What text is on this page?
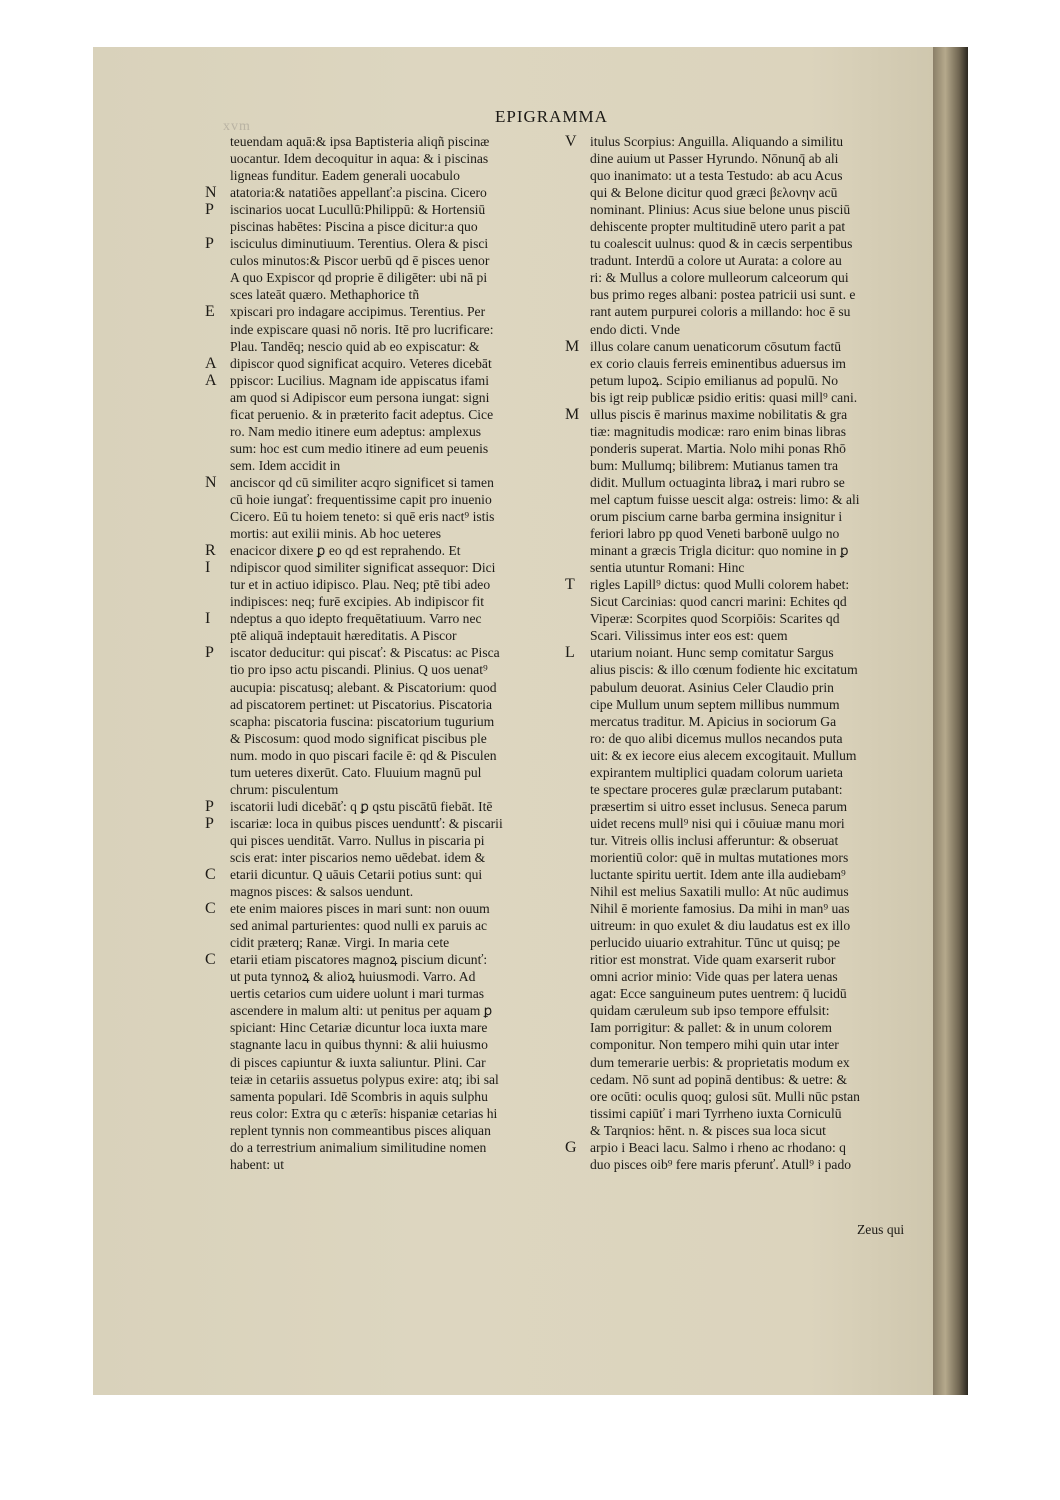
xvm
EPIGRAMMA
teuendam aquā:& ipsa Baptisteria aliqñ piscinæ
uocantur. Idem decoquitur in aqua: & i piscinas
ligneas funditur. Eadem generali uocabulo
N atatoria:& natatiões appellanť:a piscina. Cicero
P iscinarios uocat Lucullū:Philippū: & Hortensiū
piscinas habētes: Piscina a pisce dicitur:a quo
P isciculus diminutiuum. Terentius. Olera & pisci
culos minutos:& Piscor uerbū qd ē pisces uenor
A quo Expiscor qd proprie ē diligēter: ubi nā pi
sces lateāt quæro. Methaphorice tñ
E xpiscari pro indagare accipimus. Terentius. Per
inde expiscare quasi nō noris. Itē pro lucrificare:
Plau. Tandēq; nescio quid ab eo expiscatur: &
A dipiscor quod significat acquiro. Veteres dicebāt
A ppiscor: Lucilius. Magnam ide appiscatus ifami
am quod si Adipiscor eum persona iungat: signi
ficat peruenio. & in præterito facit adeptus. Cice
ro. Nam medio itinere eum adeptus: amplexus
sum: hoc est cum medio itinere ad eum peuenis
sem. Idem accidit in
N anciscor qd cū similiter acqro significet si tamen
cū hoie iungať: frequentissime capit pro inuenio
Cicero. Eū tu hoiem teneto: si quē eris nact⁹ istis
mortis: aut exilii minis. Ab hoc ueteres
R enacicor dixere ꝑ eo qd est reprahendo. Et
I ndipiscor quod similiter significat assequor: Dici
tur et in actiuo idipisco. Plau. Neq; ptē tibi adeo
indipisces: neq; furē excipies. Ab indipiscor fit
I ndeptus a quo idepto frequētatiuum. Varro nec
ptē aliquā indeptauit hæreditatis. A Piscor
P iscator deducitur: qui piscať: & Piscatus: ac Pisca
tio pro ipso actu piscandi. Plinius. Q uos uenat⁹
aucupia: piscatusq; alebant. & Piscatorium: quod
ad piscatorem pertinet: ut Piscatorius. Piscatoria
scapha: piscatoria fuscina: piscatorium tugurium
& Piscosum: quod modo significat piscibus ple
num. modo in quo piscari facile ē: qd & Pisculen
tum ueteres dixerūt. Cato. Fluuium magnū pul
chrum: pisculentum
P iscatorii ludi dicebāť: q ꝑ qstu piscātū fiebāt. Itē
P iscariæ: loca in quibus pisces uenduntť: & piscarii
qui pisces uenditāt. Varro. Nullus in piscaria pi
scis erat: inter piscarios nemo uēdebat. idem &
C etarii dicuntur. Q uāuis Cetarii potius sunt: qui
magnos pisces: & salsos uendunt.
C ete enim maiores pisces in mari sunt: non ouum
sed animal parturientes: quod nulli ex paruis ac
cidit præterq; Ranæ. Virgi. In maria cete
C etarii etiam piscatores magnoꝝ piscium dicunť:
ut puta tynnoꝝ & alioꝝ huiusmodi. Varro. Ad
uertis cetarios cum uidere uolunt i mari turmas
ascendere in malum alti: ut penitus per aquam ꝑ
spiciant: Hinc Cetariæ dicuntur loca iuxta mare
stagnante lacu in quibus thynni: & alii huiusmo
di pisces capiuntur & iuxta saliuntur. Plini. Car
teiæ in cetariis assuetus polypus exire: atq; ibi sal
samenta populari. Idē Scombris in aquis sulphu
reus color: Extra qu c æterīs: hispaniæ cetarias hi
replent tynnis non commeantibus pisces aliquan
do a terrestrium animalium similitudine nomen
habent: ut
V itulus Scorpius: Anguilla. Aliquando a similitu
dine auium ut Passer Hyrundo. Nōnunq̄ ab ali
quo inanimato: ut a testa Testudo: ab acu Acus
qui & Belone dicitur quod græci βελονην acū
nominant. Plinius: Acus siue belone unus pisciū
dehiscente propter multitudinē utero parit a pat
tu coalescit uulnus: quod & in cæcis serpentibus
tradunt. Interdū a colore ut Aurata: a colore au
ri: & Mullus a colore mulleorum calceorum qui
bus primo reges albani: postea patricii usi sunt. e
rant autem purpurei coloris a millando: hoc ē su
endo dicti. Vnde
M illus colare canum uenaticorum cōsutum factū
ex corio clauis ferreis eminentibus aduersus im
petum lupoꝝ. Scipio emilianus ad populū. No
bis igt reip publicæ psidio eritis: quasi mill⁹ cani.
M ullus piscis ē marinus maxime nobilitatis & gra
tiæ: magnitudis modicæ: raro enim binas libras
ponderis superat. Martia. Nolo mihi ponas Rhō
bum: Mullumq; bilibrem: Mutianus tamen tra
didit. Mullum octuaginta libraꝝ i mari rubro se
mel captum fuisse uescit alga: ostreis: limo: & ali
orum piscium carne barba germina insignitur i
feriori labro pp quod Veneti barbonē uulgo no
minant a græcis Trigla dicitur: quo nomine in ꝑ
sentia utuntur Romani: Hinc
T rigles Lapill⁹ dictus: quod Mulli colorem habet:
Sicut Carcinias: quod cancri marini: Echites qd
Viperæ: Scorpites quod Scorpiōis: Scarites qd
Scari. Vilissimus inter eos est: quem
L utarium noiant. Hunc semp comitatur Sargus
alius piscis: & illo cœnum fodiente hic excitatum
pabulum deuorat. Asinius Celer Claudio prin
cipe Mullum unum septem millibus nummum
mercatus traditur. M. Apicius in sociorum Ga
ro: de quo alibi dicemus mullos necandos puta
uit: & ex iecore eius alecem excogitauit. Mullum
expirantem multiplici quadam colorum uarieta
te spectare proceres gulæ præclarum putabant:
præsertim si uitro esset inclusus. Seneca parum
uidet recens mull⁹ nisi qui i cōuiuæ manu mori
tur. Vitreis ollis inclusi afferuntur: & obseruat
morientiū color: quē in multas mutationes mors
luctante spiritu uertit. Idem ante illa audiebam⁹
Nihil est melius Saxatili mullo: At nūc audimus
Nihil ē moriente famosius. Da mihi in man⁹ uas
uitreum: in quo exulet & diu laudatus est ex illo
perlucido uiuario extrahitur. Tūnc ut quisq; pe
ritior est monstrat. Vide quam exarserit rubor
omni acrior minio: Vide quas per latera uenas
agat: Ecce sanguineum putes uentrem: q̄ lucidū
quidam cæruleum sub ipso tempore effulsit:
Iam porrigitur: & pallet: & in unum colorem
componitur. Non tempero mihi quin utar inter
dum temerarie uerbis: & proprietatis modum ex
cedam. Nō sunt ad popinā dentibus: & uetre: &
ore ocūti: oculis quoq; gulosi sūt. Mulli nūc pstan
tissimi capiūť i mari Tyrrheno iuxta Corniculū
& Tarqnios: hēnt. n. & pisces sua loca sicut
G arpio i Beaci lacu. Salmo i rheno ac rhodano: q
duo pisces oib⁹ fere maris pferunť. Atull⁹ i pado
Zeus qui
